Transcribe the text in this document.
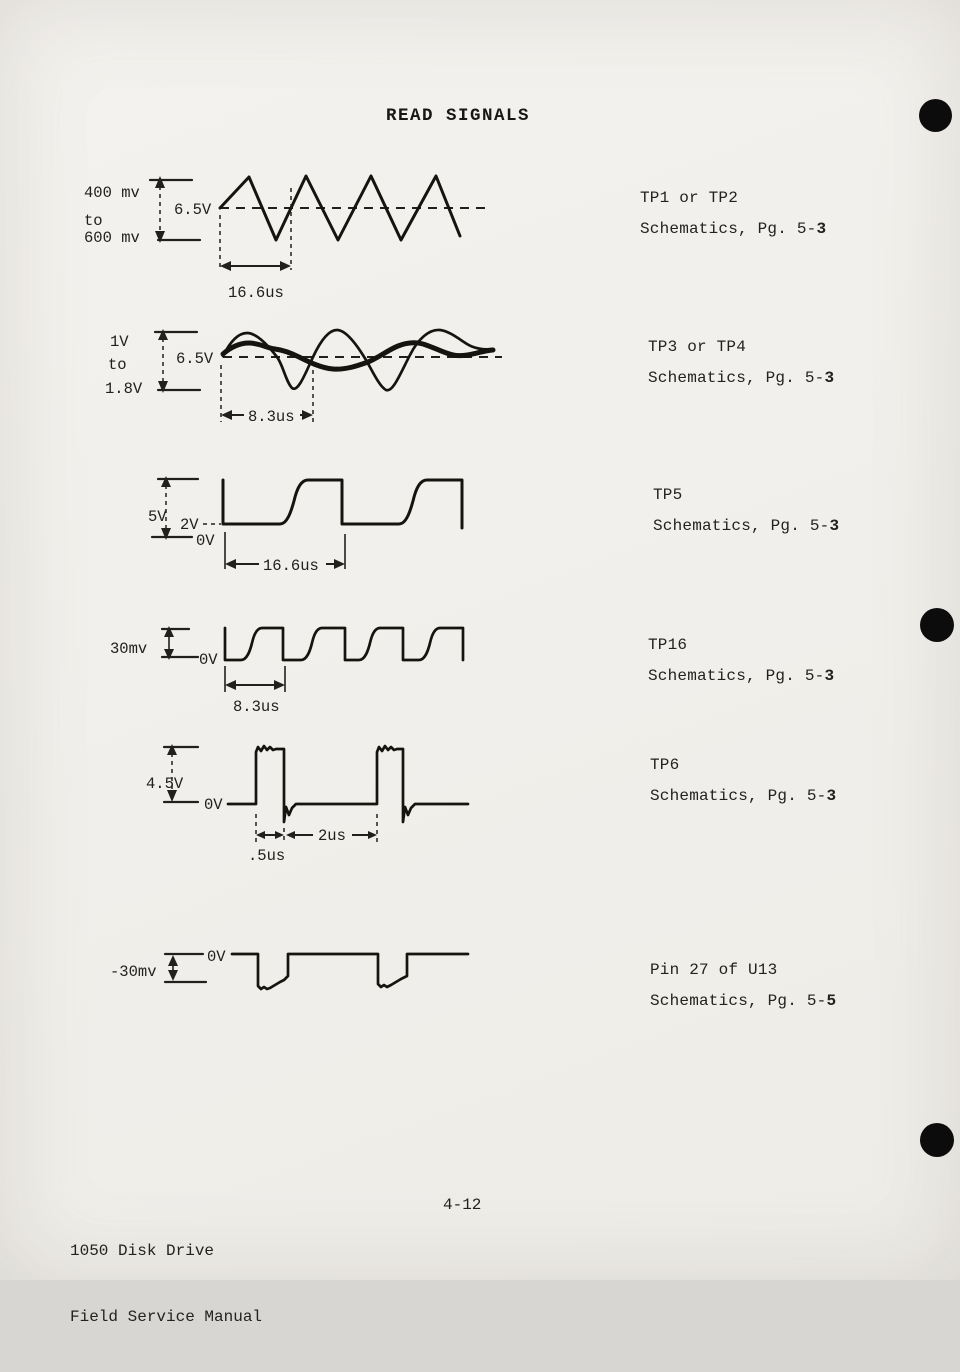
READ SIGNALS
400 mv
to
600 mv
6.5V
16.6us
TP1 or TP2
Schematics, Pg. 5-3
1V
to
1.8V
6.5V
8.3us
TP3 or TP4
Schematics, Pg. 5-3
5V 2V
0V
16.6us
TP5
Schematics, Pg. 5-3
30mv
0V
8.3us
TP16
Schematics, Pg. 5-3
4.5V
0V
2us
.5us
TP6
Schematics, Pg. 5-3
0V
-30mv	Pin 27 of U13
Schematics, Pg. 5-5

1050 Disk Drive

Field Service Manual

4-12
